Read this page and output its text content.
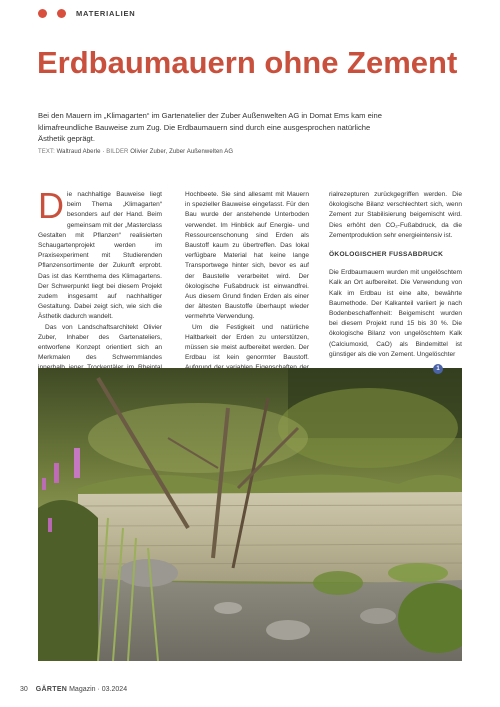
MATERIALIEN
Erdbaumauern ohne Zement

Bei den Mauern im „Klimagarten“ im Gartenatelier der Zuber Außenwelten AG in Domat Ems kam eine klimafreundliche Bauweise zum Zug. Die Erdbaumauern sind durch eine ausgesprochen natürliche Ästhetik geprägt.

TEXT: Waltraud Aberle · BILDER Olivier Zuber, Zuber Außenwelten AG

Die nachhaltige Bauweise liegt beim Thema „Klimagarten“ besonders auf der Hand. Beim gemeinsam mit der „Masterclass Gestalten mit Pflanzen“ realisierten Schaugartenprojekt werden im Praxisexperiment mit Studierenden Pflanzensortimente der Zukunft erprobt. Das ist das Kernthema des Klimagartens. Der Schwerpunkt liegt bei diesem Projekt zudem insgesamt auf nachhaltiger Gestaltung. Dabei zeigt sich, wie sich die Ästhetik dadurch wandelt.

Das von Landschaftsarchitekt Olivier Zuber, Inhaber des Gartenateliers, entworfene Konzept orientiert sich an Merkmalen des Schwemmlandes

Hochbeete. Sie sind allesamt mit Mauern in spezieller Bauweise eingefasst. Für den Bau wurde der anstehende Unterboden verwendet. Im Hinblick auf Energie- und Ressourcenschonung sind Erden als Baustoff kaum zu übertreffen. Das lokal verfügbare Material hat keine lange Transportwege hinter sich, bevor es auf der Baustelle verarbeitet wird. Der ökologische Fußabdruck ist einwandfrei. Aus diesem Grund finden Erden als einer der ältesten Baustoffe überhaupt wieder vermehrte Verwendung.

Um die Festigkeit und natürliche Haltbarkeit der Erden zu unterstützen, müssen sie meist aufbereitet werden. Der Erdbau ist kein genormter Baustoff.

rialrezepturen zurückgegriffen werden. Die ökologische Bilanz verschlechtert sich, wenn Zement zur Stabilisierung beigemischt wird. Dies erhöht den CO₂-Fußabdruck, da die Zementproduktion sehr energieintensiv ist.

ÖKOLOGISCHER FUSSABDRUCK

Die Erdbaumauern wurden mit ungelöschtem Kalk an Ort aufbereitet. Die Verwendung von Kalk im Erdbau ist eine alte, bewährte Baumethode. Der Kalkanteil variiert je nach Bodenbeschaffenheit: Beigemischt wurden bei diesem Projekt rund 15 bis 30 %. Die ökologische Bilanz von ungelöschtem Kalk (Calciumoxid, CaO) als Bindemittel ist günstiger als die von Zement. Ungelöschter

1
30 GÄRTEN Magazin · 03.2024
